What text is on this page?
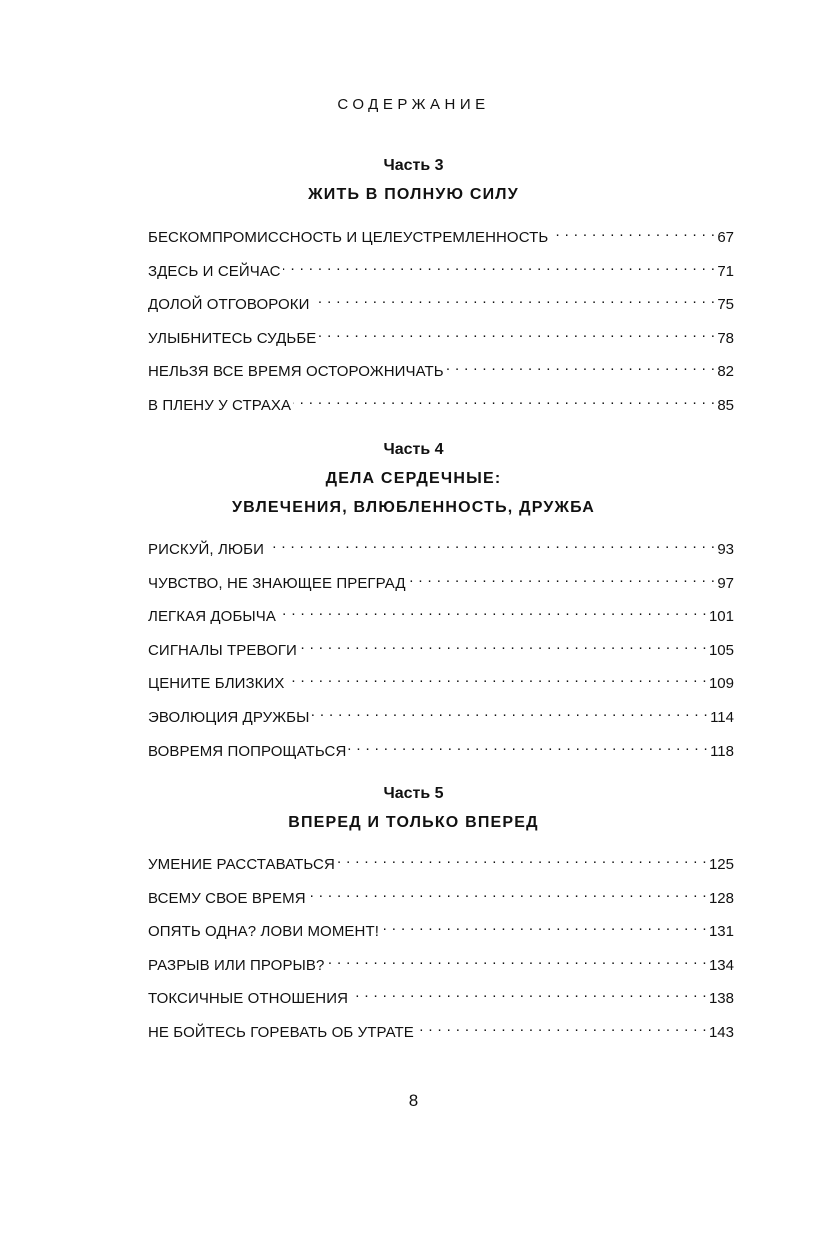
СОДЕРЖАНИЕ
Часть 3
ЖИТЬ В ПОЛНУЮ СИЛУ
БЕСКОМПРОМИССНОСТЬ И ЦЕЛЕУСТРЕМЛЕННОСТЬ . . .	67
ЗДЕСЬ И СЕЙЧАС . . .	71
ДОЛОЙ ОТГОВОРОКИ . . .	75
УЛЫБНИТЕСЬ СУДЬБЕ . . .	78
НЕЛЬЗЯ ВСЕ ВРЕМЯ ОСТОРОЖНИЧАТЬ . . .	82
В ПЛЕНУ У СТРАХА . . .	85
Часть 4
ДЕЛА СЕРДЕЧНЫЕ:
УВЛЕЧЕНИЯ, ВЛЮБЛЕННОСТЬ, ДРУЖБА
РИСКУЙ, ЛЮБИ . . .	93
ЧУВСТВО, НЕ ЗНАЮЩЕЕ ПРЕГРАД . . .	97
ЛЕГКАЯ ДОБЫЧА . . .	101
СИГНАЛЫ ТРЕВОГИ . . .	105
ЦЕНИТЕ БЛИЗКИХ . . .	109
ЭВОЛЮЦИЯ ДРУЖБЫ . . .	114
ВОВРЕМЯ ПОПРОЩАТЬСЯ . . .	118
Часть 5
ВПЕРЕД И ТОЛЬКО ВПЕРЕД
УМЕНИЕ РАССТАВАТЬСЯ . . .	125
ВСЕМУ СВОЕ ВРЕМЯ . . .	128
ОПЯТЬ ОДНА? ЛОВИ МОМЕНТ! . . .	131
РАЗРЫВ ИЛИ ПРОРЫВ? . . .	134
ТОКСИЧНЫЕ ОТНОШЕНИЯ . . .	138
НЕ БОЙТЕСЬ ГОРЕВАТЬ ОБ УТРАТЕ . . .	143
8
